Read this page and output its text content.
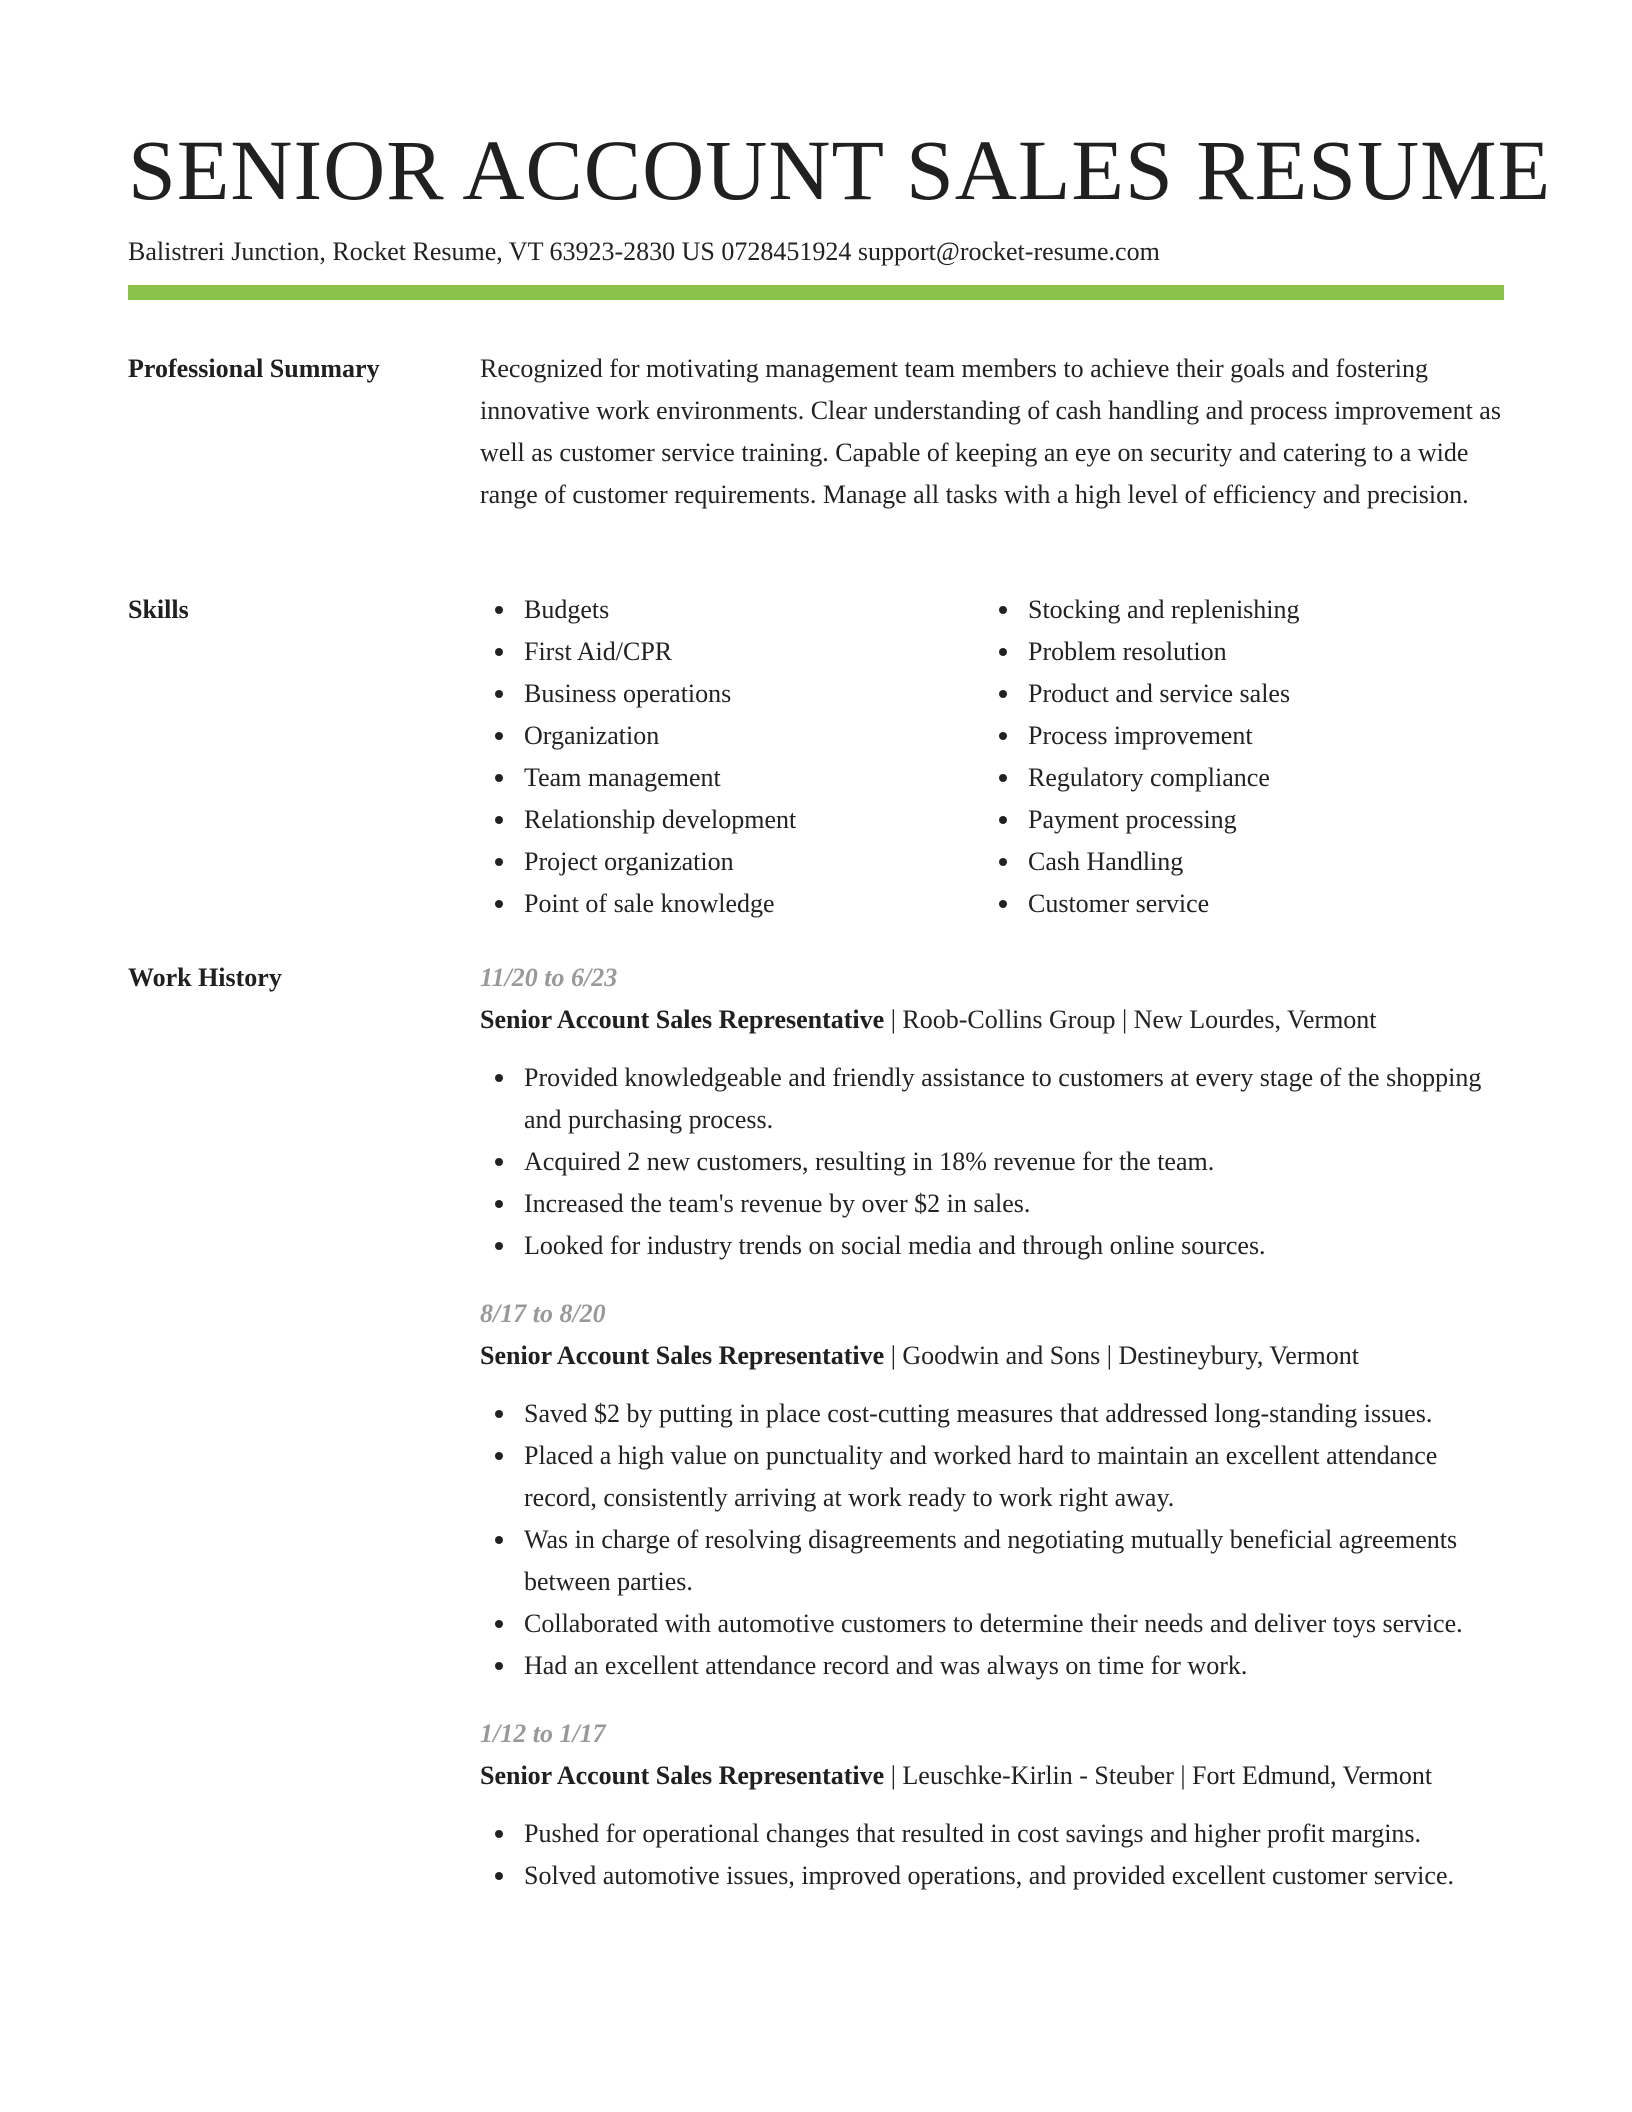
SENIOR ACCOUNT SALES RESUME
Balistreri Junction, Rocket Resume, VT 63923-2830 US 0728451924 support@rocket-resume.com
Professional Summary	Recognized for motivating management team members to achieve their goals and fostering innovative work environments. Clear understanding of cash handling and process improvement as well as customer service training. Capable of keeping an eye on security and catering to a wide range of customer requirements. Manage all tasks with a high level of efficiency and precision.

Skills	Budgets
First Aid/CPR
Business operations
Organization
Team management
Relationship development
Project organization
Point of sale knowledge
Stocking and replenishing
Problem resolution
Product and service sales
Process improvement
Regulatory compliance
Payment processing
Cash Handling
Customer service
Work History	11/20 to 6/23
Senior Account Sales Representative | Roob-Collins Group | New Lourdes, Vermont
Provided knowledgeable and friendly assistance to customers at every stage of the shopping and purchasing process.
Acquired 2 new customers, resulting in 18% revenue for the team.
Increased the team's revenue by over $2 in sales.
Looked for industry trends on social media and through online sources.
8/17 to 8/20
Senior Account Sales Representative | Goodwin and Sons | Destineybury, Vermont
Saved $2 by putting in place cost-cutting measures that addressed long-standing issues.
Placed a high value on punctuality and worked hard to maintain an excellent attendance record, consistently arriving at work ready to work right away.
Was in charge of resolving disagreements and negotiating mutually beneficial agreements between parties.
Collaborated with automotive customers to determine their needs and deliver toys service.
Had an excellent attendance record and was always on time for work.
1/12 to 1/17
Senior Account Sales Representative | Leuschke-Kirlin - Steuber | Fort Edmund, Vermont
Pushed for operational changes that resulted in cost savings and higher profit margins.
Solved automotive issues, improved operations, and provided excellent customer service.
